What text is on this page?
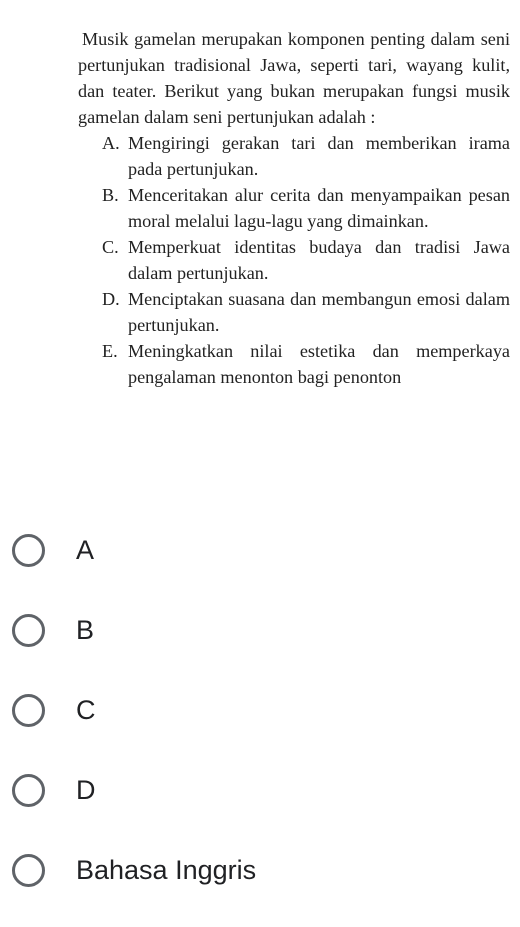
Musik gamelan merupakan komponen penting dalam seni pertunjukan tradisional Jawa, seperti tari, wayang kulit, dan teater. Berikut yang bukan merupakan fungsi musik gamelan dalam seni pertunjukan adalah :

A. Mengiringi gerakan tari dan memberikan irama pada pertunjukan.
B. Menceritakan alur cerita dan menyampaikan pesan moral melalui lagu-lagu yang dimainkan.
C. Memperkuat identitas budaya dan tradisi Jawa dalam pertunjukan.
D. Menciptakan suasana dan membangun emosi dalam pertunjukan.
E. Meningkatkan nilai estetika dan memperkaya pengalaman menonton bagi penonton
A
B
C
D
Bahasa Inggris
